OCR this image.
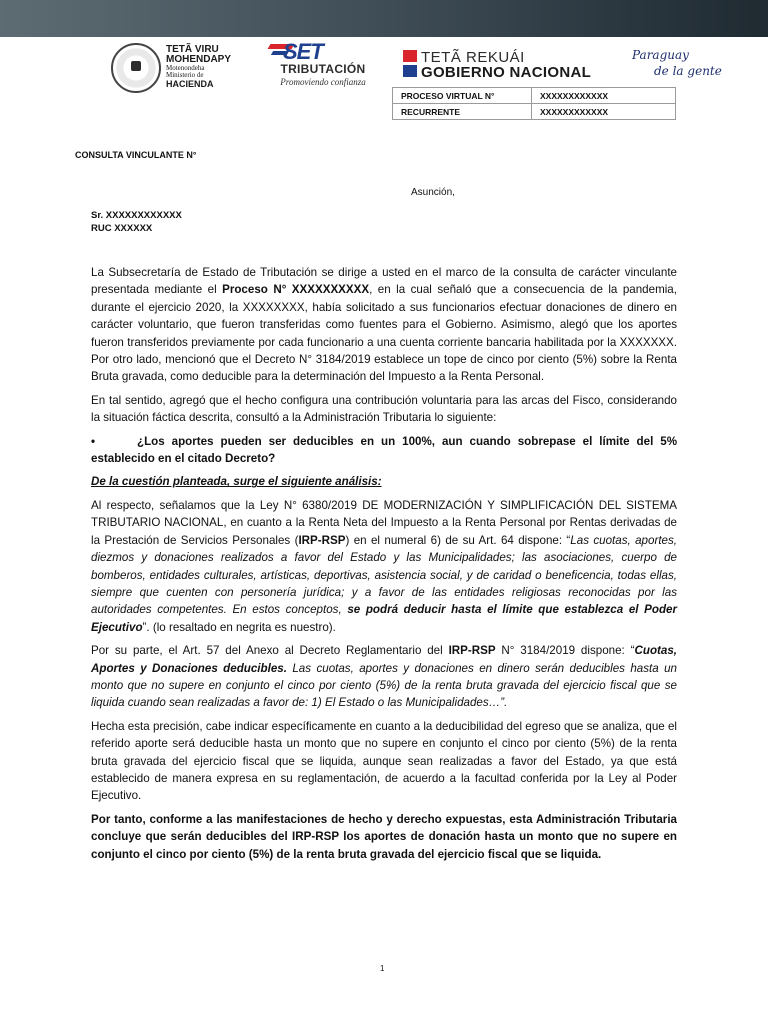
TETÃ VIRU
MOHENDAPY
Motenondeha
Ministerio de
HACIENDA
SET
TRIBUTACIÓN
Promoviendo confianza
TETÃ REKUÁI
GOBIERNO NACIONAL
Paraguay
de la gente
PROCESO VIRTUAL N°	XXXXXXXXXXXX
RECURRENTE	XXXXXXXXXXXX
CONSULTA VINCULANTE N°
Asunción,
Sr. XXXXXXXXXXXX
RUC XXXXXX

La Subsecretaría de Estado de Tributación se dirige a usted en el marco de la consulta de carácter vinculante presentada mediante el Proceso N° XXXXXXXXXX, en la cual señaló que a consecuencia de la pandemia, durante el ejercicio 2020, la XXXXXXXX, había solicitado a sus funcionarios efectuar donaciones de dinero en carácter voluntario, que fueron transferidas como fuentes para el Gobierno. Asimismo, alegó que los aportes fueron transferidos previamente por cada funcionario a una cuenta corriente bancaria habilitada por la XXXXXXX. Por otro lado, mencionó que el Decreto N° 3184/2019 establece un tope de cinco por ciento (5%) sobre la Renta Bruta gravada, como deducible para la determinación del Impuesto a la Renta Personal.

En tal sentido, agregó que el hecho configura una contribución voluntaria para las arcas del Fisco, considerando la situación fáctica descrita, consultó a la Administración Tributaria lo siguiente:

•	¿Los aportes pueden ser deducibles en un 100%, aun cuando sobrepase el límite del 5% establecido en el citado Decreto?

De la cuestión planteada, surge el siguiente análisis:

Al respecto, señalamos que la Ley N° 6380/2019 DE MODERNIZACIÓN Y SIMPLIFICACIÓN DEL SISTEMA TRIBUTARIO NACIONAL, en cuanto a la Renta Neta del Impuesto a la Renta Personal por Rentas derivadas de la Prestación de Servicios Personales (IRP-RSP) en el numeral 6) de su Art. 64 dispone: “Las cuotas, aportes, diezmos y donaciones realizados a favor del Estado y las Municipalidades; las asociaciones, cuerpo de bomberos, entidades culturales, artísticas, deportivas, asistencia social, y de caridad o beneficencia, todas ellas, siempre que cuenten con personería jurídica; y a favor de las entidades religiosas reconocidas por las autoridades competentes. En estos conceptos, se podrá deducir hasta el límite que establezca el Poder Ejecutivo”. (lo resaltado en negrita es nuestro).

Por su parte, el Art. 57 del Anexo al Decreto Reglamentario del IRP-RSP N° 3184/2019 dispone: “Cuotas, Aportes y Donaciones deducibles. Las cuotas, aportes y donaciones en dinero serán deducibles hasta un monto que no supere en conjunto el cinco por ciento (5%) de la renta bruta gravada del ejercicio fiscal que se liquida cuando sean realizadas a favor de: 1) El Estado o las Municipalidades…”.

Hecha esta precisión, cabe indicar específicamente en cuanto a la deducibilidad del egreso que se analiza, que el referido aporte será deducible hasta un monto que no supere en conjunto el cinco por ciento (5%) de la renta bruta gravada del ejercicio fiscal que se liquida, aunque sean realizadas a favor del Estado, ya que está establecido de manera expresa en su reglamentación, de acuerdo a la facultad conferida por la Ley al Poder Ejecutivo.

Por tanto, conforme a las manifestaciones de hecho y derecho expuestas, esta Administración Tributaria concluye que serán deducibles del IRP-RSP los aportes de donación hasta un monto que no supere en conjunto el cinco por ciento (5%) de la renta bruta gravada del ejercicio fiscal que se liquida.

1
